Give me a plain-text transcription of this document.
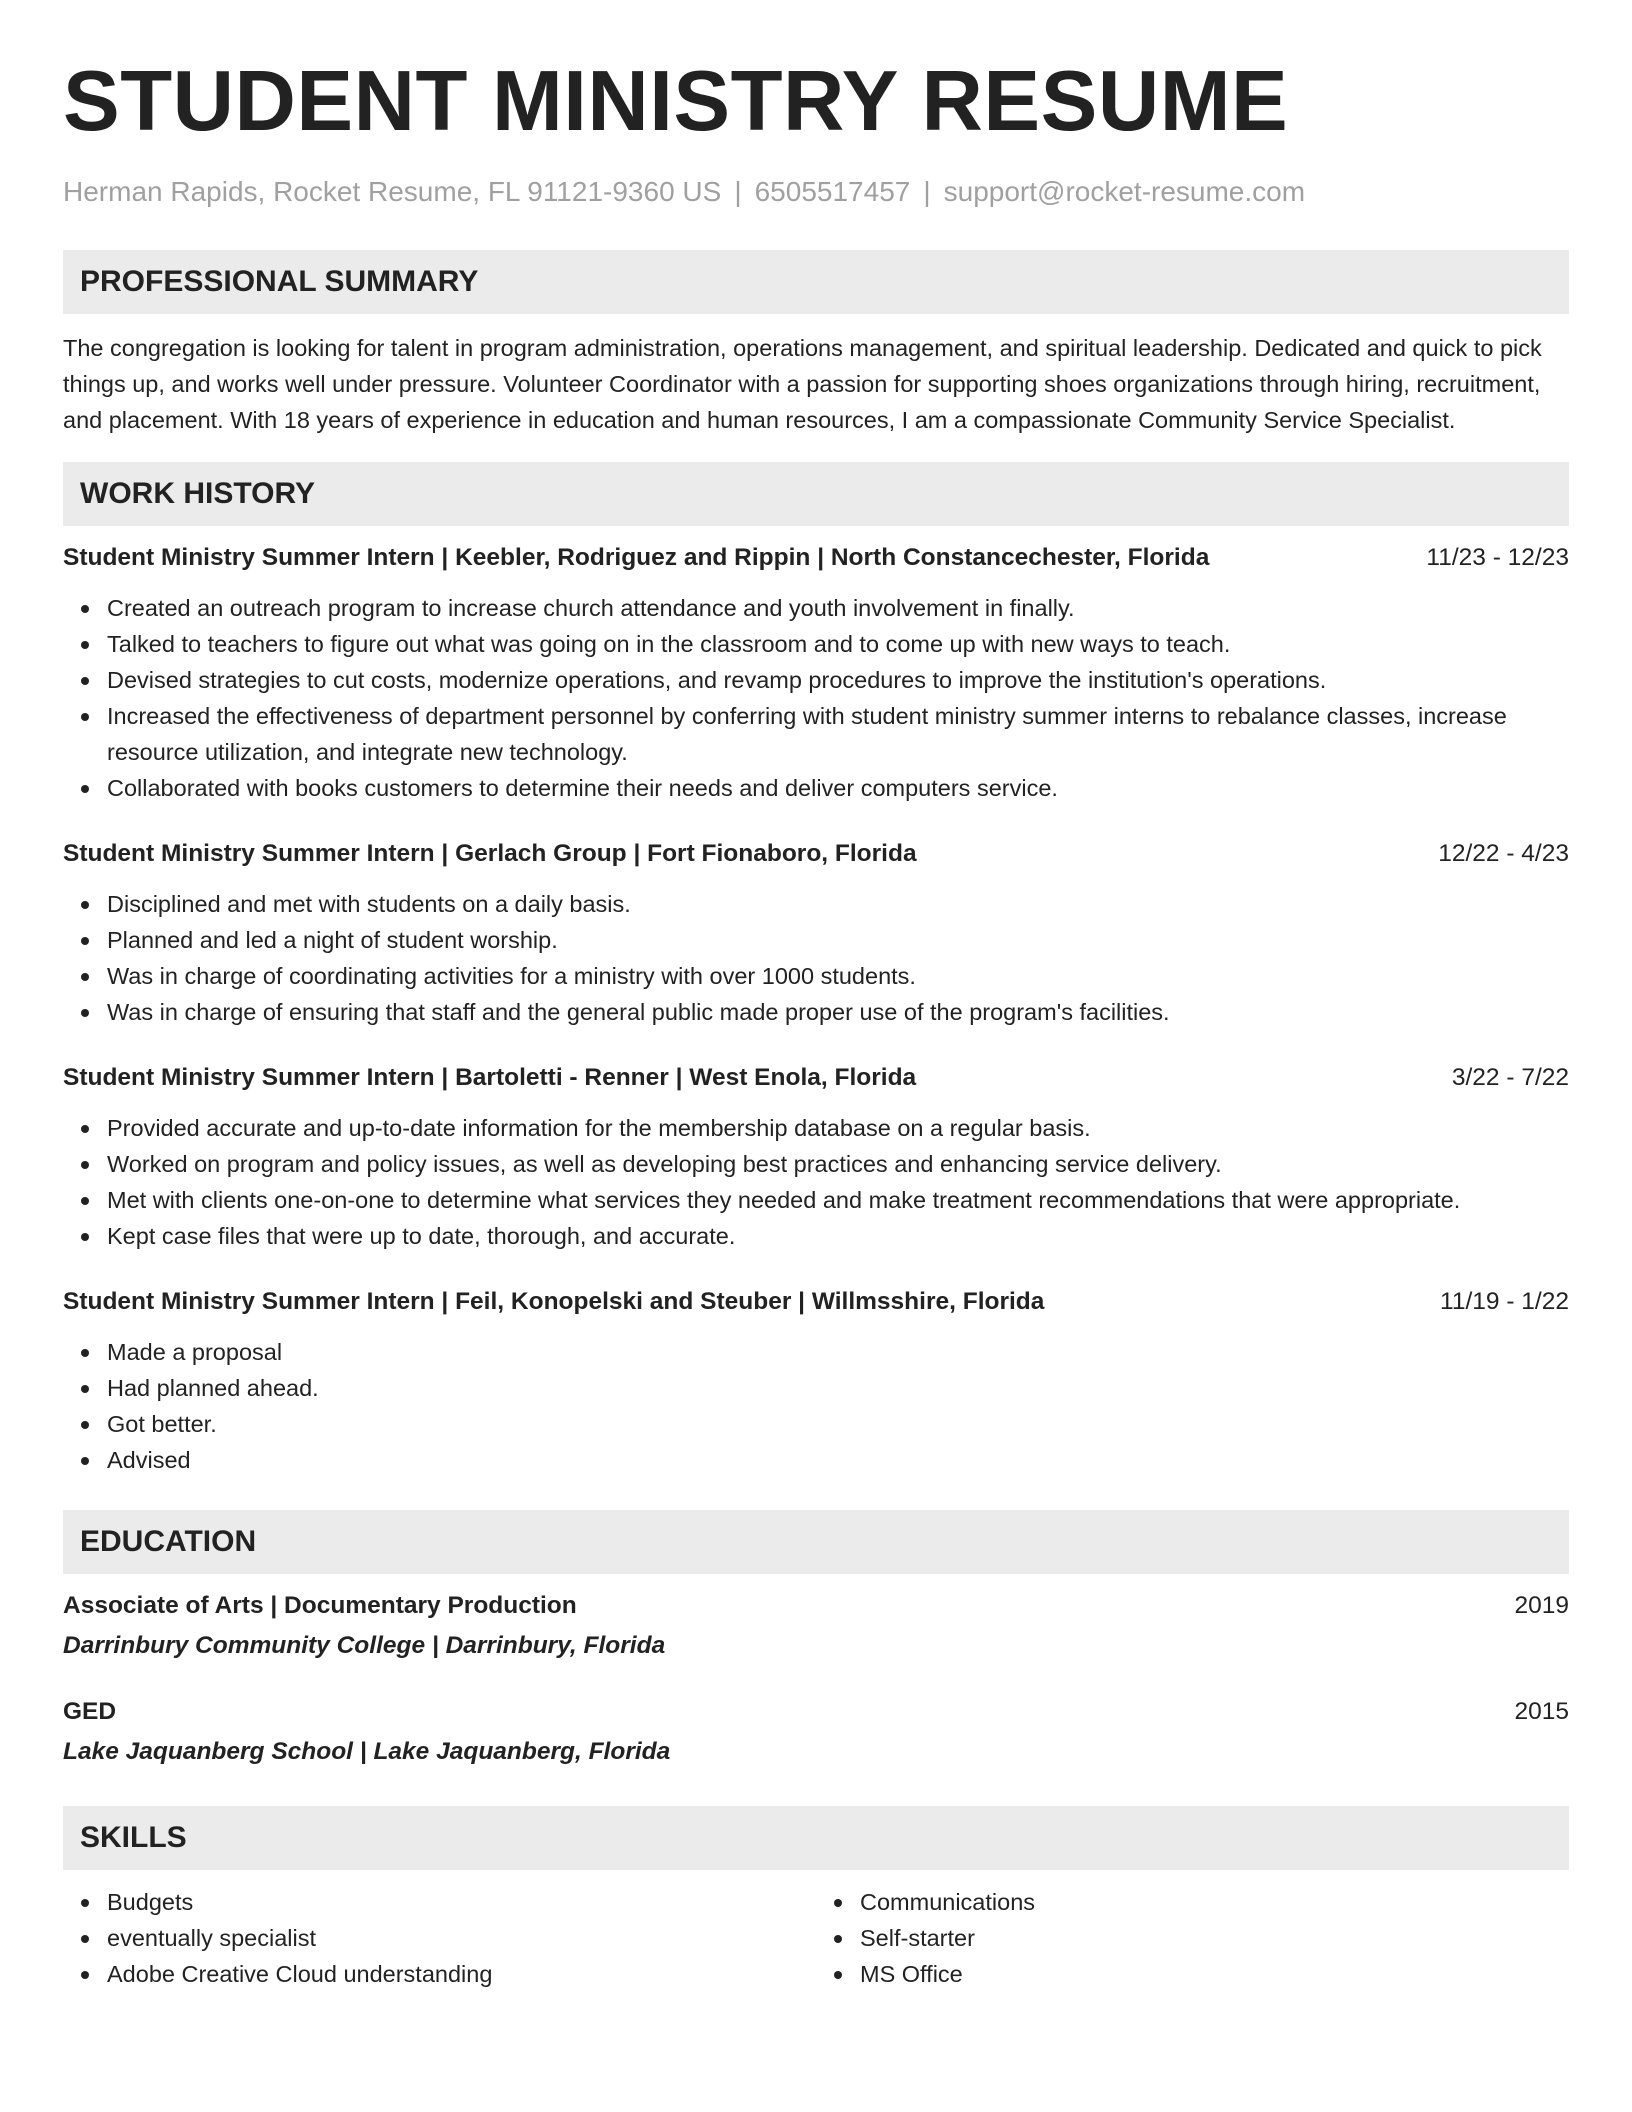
STUDENT MINISTRY RESUME
Herman Rapids, Rocket Resume, FL 91121-9360 US | 6505517457 | support@rocket-resume.com
PROFESSIONAL SUMMARY

The congregation is looking for talent in program administration, operations management, and spiritual leadership. Dedicated and quick to pick things up, and works well under pressure. Volunteer Coordinator with a passion for supporting shoes organizations through hiring, recruitment, and placement. With 18 years of experience in education and human resources, I am a compassionate Community Service Specialist.

WORK HISTORY
Student Ministry Summer Intern | Keebler, Rodriguez and Rippin | North Constancechester, Florida	11/23 - 12/23
Created an outreach program to increase church attendance and youth involvement in finally.
Talked to teachers to figure out what was going on in the classroom and to come up with new ways to teach.
Devised strategies to cut costs, modernize operations, and revamp procedures to improve the institution's operations.
Increased the effectiveness of department personnel by conferring with student ministry summer interns to rebalance classes, increase resource utilization, and integrate new technology.
Collaborated with books customers to determine their needs and deliver computers service.
Student Ministry Summer Intern | Gerlach Group | Fort Fionaboro, Florida	12/22 - 4/23
Disciplined and met with students on a daily basis.
Planned and led a night of student worship.
Was in charge of coordinating activities for a ministry with over 1000 students.
Was in charge of ensuring that staff and the general public made proper use of the program's facilities.
Student Ministry Summer Intern | Bartoletti - Renner | West Enola, Florida	3/22 - 7/22
Provided accurate and up-to-date information for the membership database on a regular basis.
Worked on program and policy issues, as well as developing best practices and enhancing service delivery.
Met with clients one-on-one to determine what services they needed and make treatment recommendations that were appropriate.
Kept case files that were up to date, thorough, and accurate.
Student Ministry Summer Intern | Feil, Konopelski and Steuber | Willmsshire, Florida	11/19 - 1/22
Made a proposal
Had planned ahead.
Got better.
Advised
EDUCATION
Associate of Arts | Documentary Production	2019
Darrinbury Community College | Darrinbury, Florida
GED	2015
Lake Jaquanberg School | Lake Jaquanberg, Florida
SKILLS
Budgets
eventually specialist
Adobe Creative Cloud understanding
Communications
Self-starter
MS Office
